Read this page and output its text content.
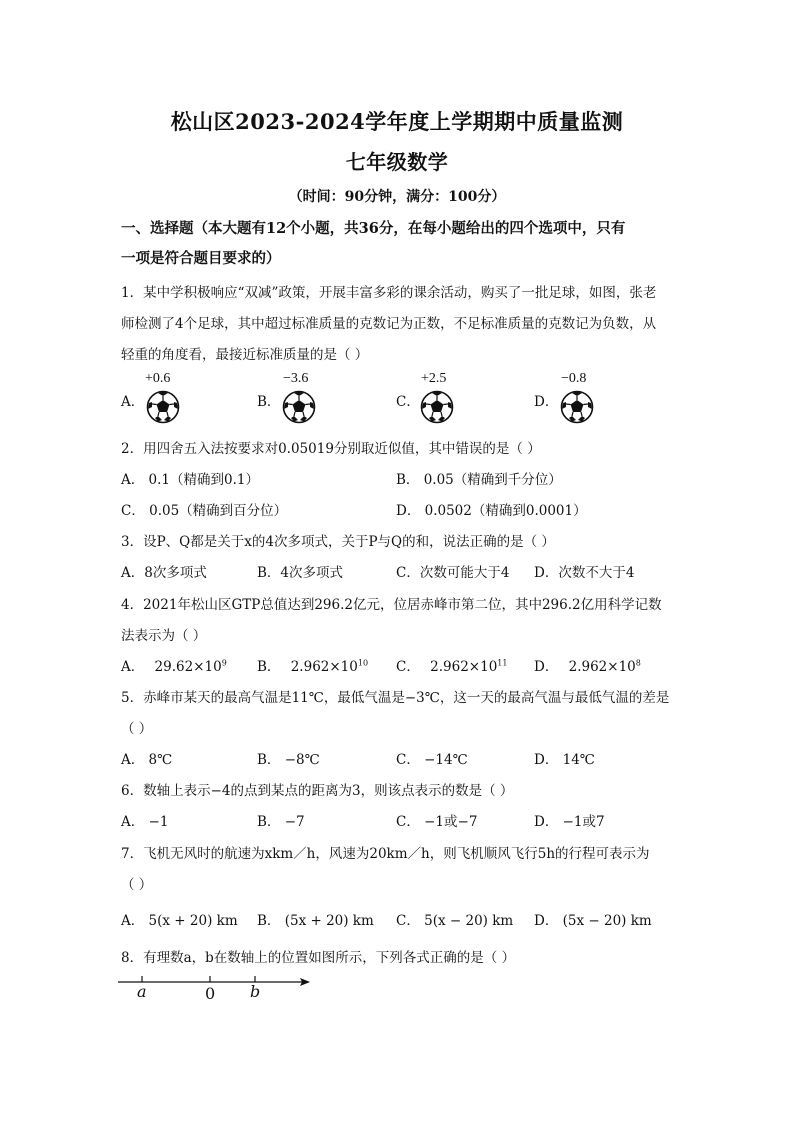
松山区2023-2024学年度上学期期中质量监测
七年级数学
（时间：90分钟，满分：100分）
一、选择题（本大题有12个小题，共36分，在每小题给出的四个选项中，只有
一项是符合题目要求的）
1．某中学积极响应“双减”政策，开展丰富多彩的课余活动，购买了一批足球，如图，张老
师检测了4个足球，其中超过标准质量的克数记为正数，不足标准质量的克数记为负数，从
轻重的角度看，最接近标准质量的是（ ）
A．
+0.6
B．
−3.6
C．
+2.5
D．
−0.8
2．用四舍五入法按要求对0.05019分别取近似值，其中错误的是（ ）
A． 0.1（精确到0.1）	B． 0.05（精确到千分位）
C． 0.05（精确到百分位）	D． 0.0502（精确到0.0001）
3．设P、Q都是关于x的4次多项式，关于P与Q的和，说法正确的是（ ）
A．8次多项式	B．4次多项式	C．次数可能大于4 D．次数不大于4
4．2021年松山区GTP总值达到296.2亿元，位居赤峰市第二位，其中296.2亿用科学记数
法表示为（ ）
A． $29.62\times 10^9$ B． $2.962\times 10^{10}$ C． $2.962\times 10^{11}$ D． $2.962\times 10^8$
5．赤峰市某天的最高气温是11℃，最低气温是−3℃，这一天的最高气温与最低气温的差是
（ ）
A． 8℃	B． −8℃	C． −14℃	D． 14℃
6．数轴上表示−4的点到某点的距离为3，则该点表示的数是（ ）
A． −1	B． −7	C． −1或−7	D． −1或7
7．飞机无风时的航速为xkm／h，风速为20km／h，则飞机顺风飞行5h的行程可表示为
（ ）
A． 5(x + 20) km B． (5x + 20) km C． 5(x − 20) km D． (5x − 20) km
8．有理数a，b在数轴上的位置如图所示，下列各式正确的是（ ）
a	0 b
